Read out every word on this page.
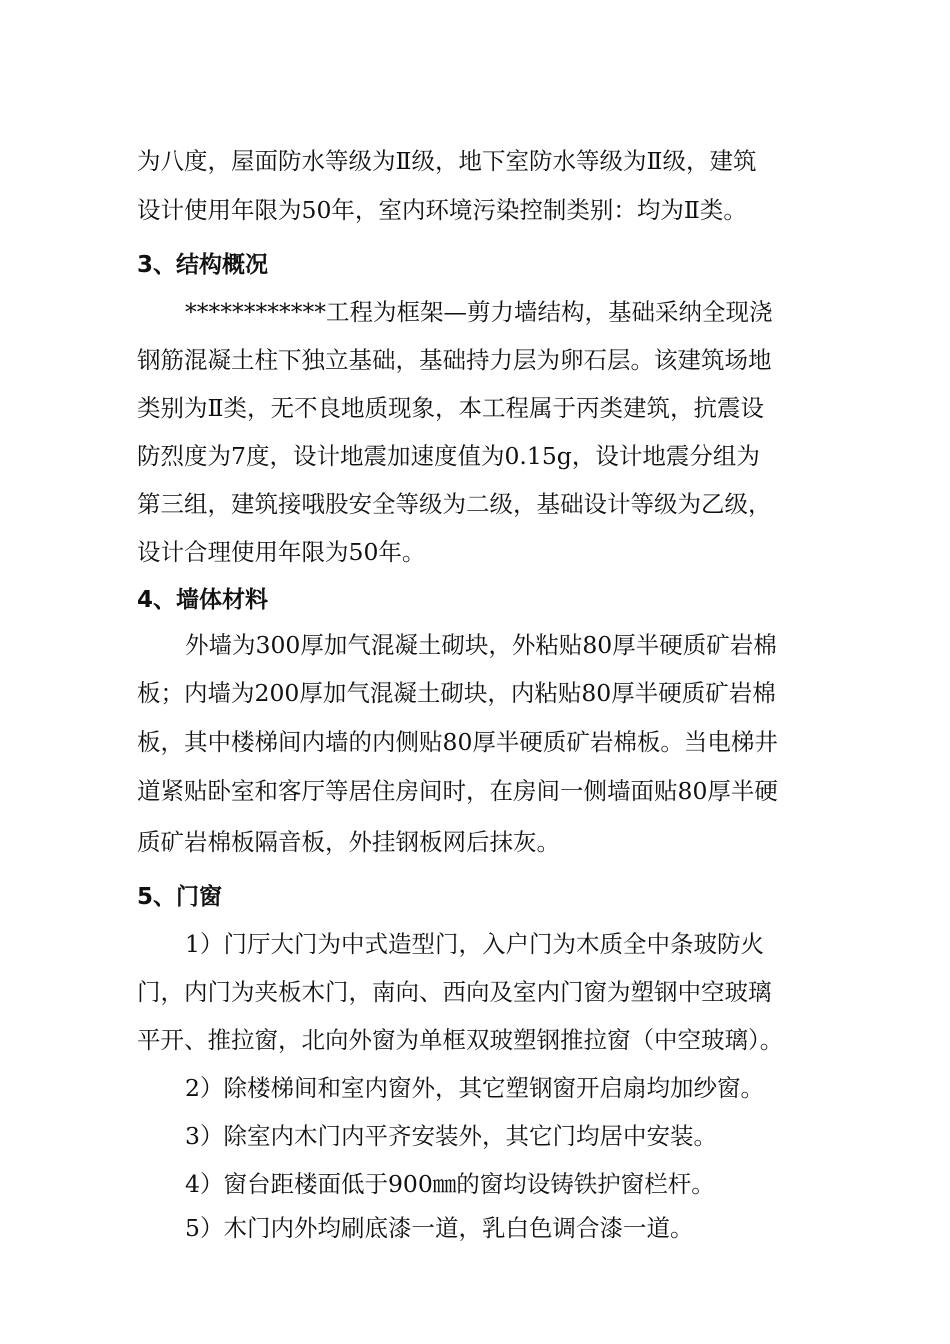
为八度，屋面防水等级为Ⅱ级，地下室防水等级为Ⅱ级，建筑
设计使用年限为50年，室内环境污染控制类别：均为Ⅱ类。
3、结构概况
************工程为框架—剪力墙结构，基础采纳全现浇
钢筋混凝土柱下独立基础，基础持力层为卵石层。该建筑场地
类别为Ⅱ类，无不良地质现象，本工程属于丙类建筑，抗震设
防烈度为7度，设计地震加速度值为0.15g，设计地震分组为
第三组，建筑接哦股安全等级为二级，基础设计等级为乙级，
设计合理使用年限为50年。
4、墙体材料
外墙为300厚加气混凝土砌块，外粘贴80厚半硬质矿岩棉
板；内墙为200厚加气混凝土砌块，内粘贴80厚半硬质矿岩棉
板，其中楼梯间内墙的内侧贴80厚半硬质矿岩棉板。当电梯井
道紧贴卧室和客厅等居住房间时，在房间一侧墙面贴80厚半硬
质矿岩棉板隔音板，外挂钢板网后抹灰。
5、门窗
1）门厅大门为中式造型门，入户门为木质全中条玻防火
门，内门为夹板木门，南向、西向及室内门窗为塑钢中空玻璃
平开、推拉窗，北向外窗为单框双玻塑钢推拉窗（中空玻璃）。
2）除楼梯间和室内窗外，其它塑钢窗开启扇均加纱窗。
3）除室内木门内平齐安装外，其它门均居中安装。
4）窗台距楼面低于900㎜的窗均设铸铁护窗栏杆。
5）木门内外均刷底漆一道，乳白色调合漆一道。
